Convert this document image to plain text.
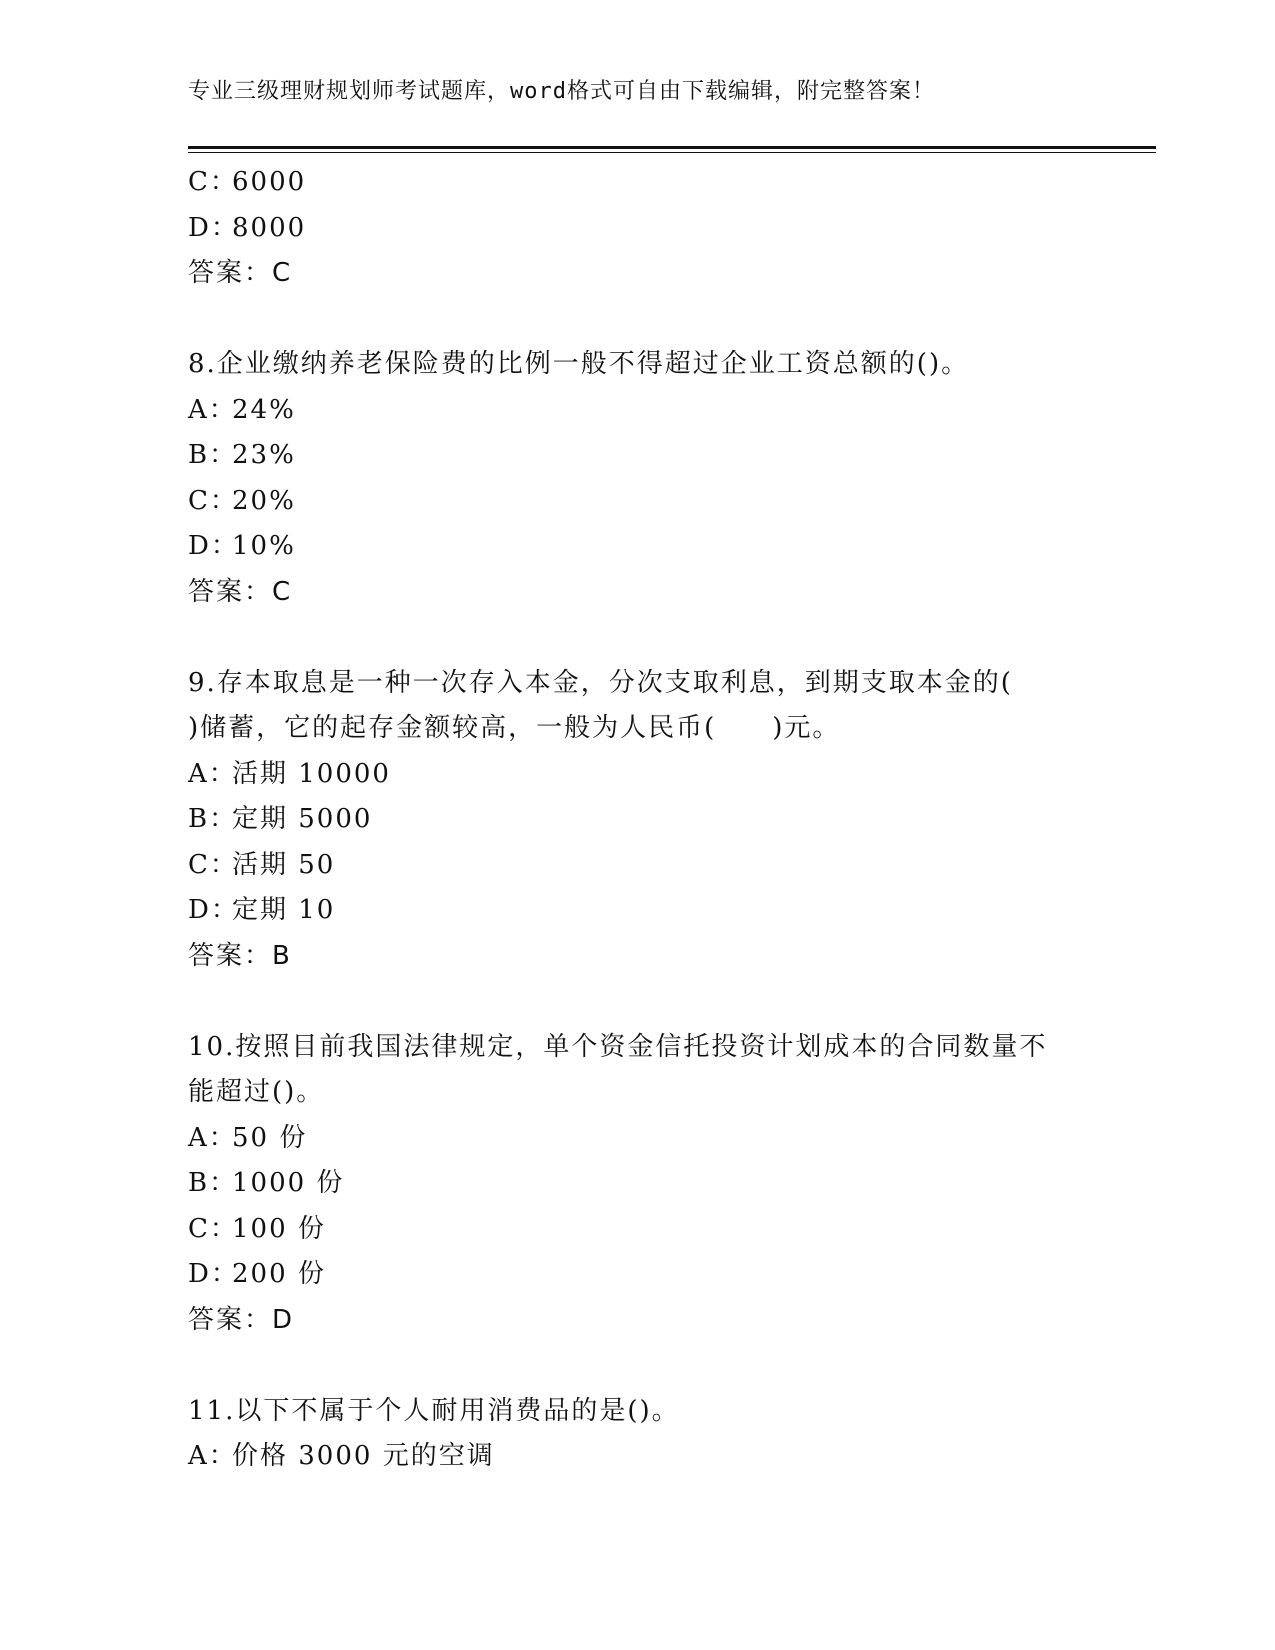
专业三级理财规划师考试题库，word格式可自由下载编辑，附完整答案！
C：6000
D：8000
答案：C
8.企业缴纳养老保险费的比例一般不得超过企业工资总额的()。
A：24%
B：23%
C：20%
D：10%
答案：C
9.存本取息是一种一次存入本金，分次支取利息，到期支取本金的(
)储蓄，它的起存金额较高，一般为人民币(　　)元。
A：活期 10000
B：定期 5000
C：活期 50
D：定期 10
答案：B
10.按照目前我国法律规定，单个资金信托投资计划成本的合同数量不
能超过()。
A：50 份
B：1000 份
C：100 份
D：200 份
答案：D
11.以下不属于个人耐用消费品的是()。
A：价格 3000 元的空调
